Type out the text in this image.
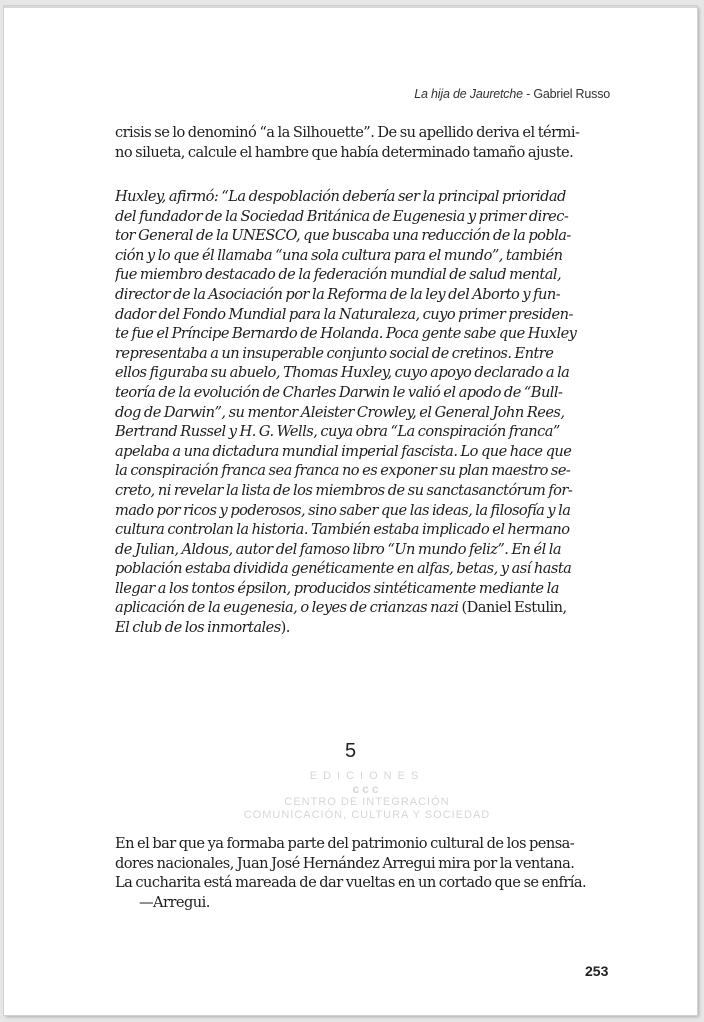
La hija de Jauretche - Gabriel Russo
crisis se lo denominó “a la Silhouette”. De su apellido deriva el térmi-
no silueta, calcule el hambre que había determinado tamaño ajuste.
Huxley, afirmó: “La despoblación debería ser la principal prioridad
del fundador de la Sociedad Británica de Eugenesia y primer direc-
tor General de la UNESCO, que buscaba una reducción de la pobla-
ción y lo que él llamaba “una sola cultura para el mundo”, también
fue miembro destacado de la federación mundial de salud mental,
director de la Asociación por la Reforma de la ley del Aborto y fun-
dador del Fondo Mundial para la Naturaleza, cuyo primer presiden-
te fue el Príncipe Bernardo de Holanda. Poca gente sabe que Huxley
representaba a un insuperable conjunto social de cretinos. Entre
ellos figuraba su abuelo, Thomas Huxley, cuyo apoyo declarado a la
teoría de la evolución de Charles Darwin le valió el apodo de “Bull-
dog de Darwin”, su mentor Aleister Crowley, el General John Rees,
Bertrand Russel y H. G. Wells, cuya obra “La conspiración franca”
apelaba a una dictadura mundial imperial fascista. Lo que hace que
la conspiración franca sea franca no es exponer su plan maestro se-
creto, ni revelar la lista de los miembros de su sanctasanctórum for-
mado por ricos y poderosos, sino saber que las ideas, la filosofía y la
cultura controlan la historia. También estaba implicado el hermano
de Julian, Aldous, autor del famoso libro “Un mundo feliz”. En él la
población estaba dividida genéticamente en alfas, betas, y así hasta
llegar a los tontos épsilon, producidos sintéticamente mediante la
aplicación de la eugenesia, o leyes de crianzas nazi (Daniel Estulin,
El club de los inmortales).
5
EDICIONES
ccc
CENTRO DE INTEGRACIÓN
COMUNICACIÓN, CULTURA Y SOCIEDAD
En el bar que ya formaba parte del patrimonio cultural de los pensa-
dores nacionales, Juan José Hernández Arregui mira por la ventana.
La cucharita está mareada de dar vueltas en un cortado que se enfría.
—Arregui.
253
